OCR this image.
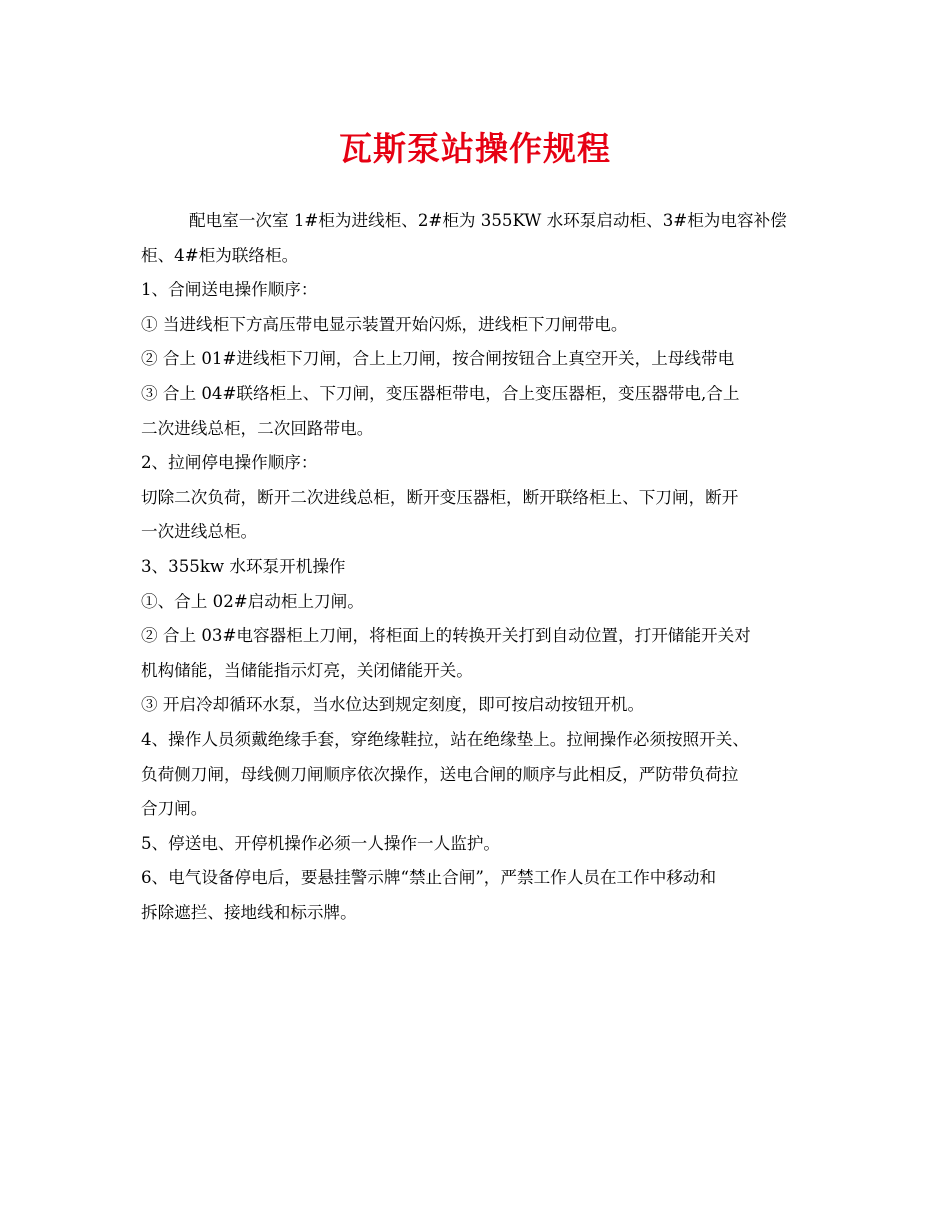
瓦斯泵站操作规程
配电室一次室 1#柜为进线柜、2#柜为 355KW 水环泵启动柜、3#柜为电容补偿
柜、4#柜为联络柜。
1、合闸送电操作顺序：
① 当进线柜下方高压带电显示装置开始闪烁，进线柜下刀闸带电。
② 合上 01#进线柜下刀闸，合上上刀闸，按合闸按钮合上真空开关，上母线带电
③ 合上 04#联络柜上、下刀闸，变压器柜带电，合上变压器柜，变压器带电,合上
二次进线总柜，二次回路带电。
2、拉闸停电操作顺序：
切除二次负荷，断开二次进线总柜，断开变压器柜，断开联络柜上、下刀闸，断开
一次进线总柜。
3、355kw 水环泵开机操作
①、合上 02#启动柜上刀闸。
② 合上 03#电容器柜上刀闸，将柜面上的转换开关打到自动位置，打开储能开关对
机构储能，当储能指示灯亮，关闭储能开关。
③ 开启冷却循环水泵，当水位达到规定刻度，即可按启动按钮开机。
4、操作人员须戴绝缘手套，穿绝缘鞋拉，站在绝缘垫上。拉闸操作必须按照开关、
负荷侧刀闸，母线侧刀闸顺序依次操作，送电合闸的顺序与此相反，严防带负荷拉
合刀闸。
5、停送电、开停机操作必须一人操作一人监护。
6、电气设备停电后，要悬挂警示牌“禁止合闸”，严禁工作人员在工作中移动和
拆除遮拦、接地线和标示牌。
